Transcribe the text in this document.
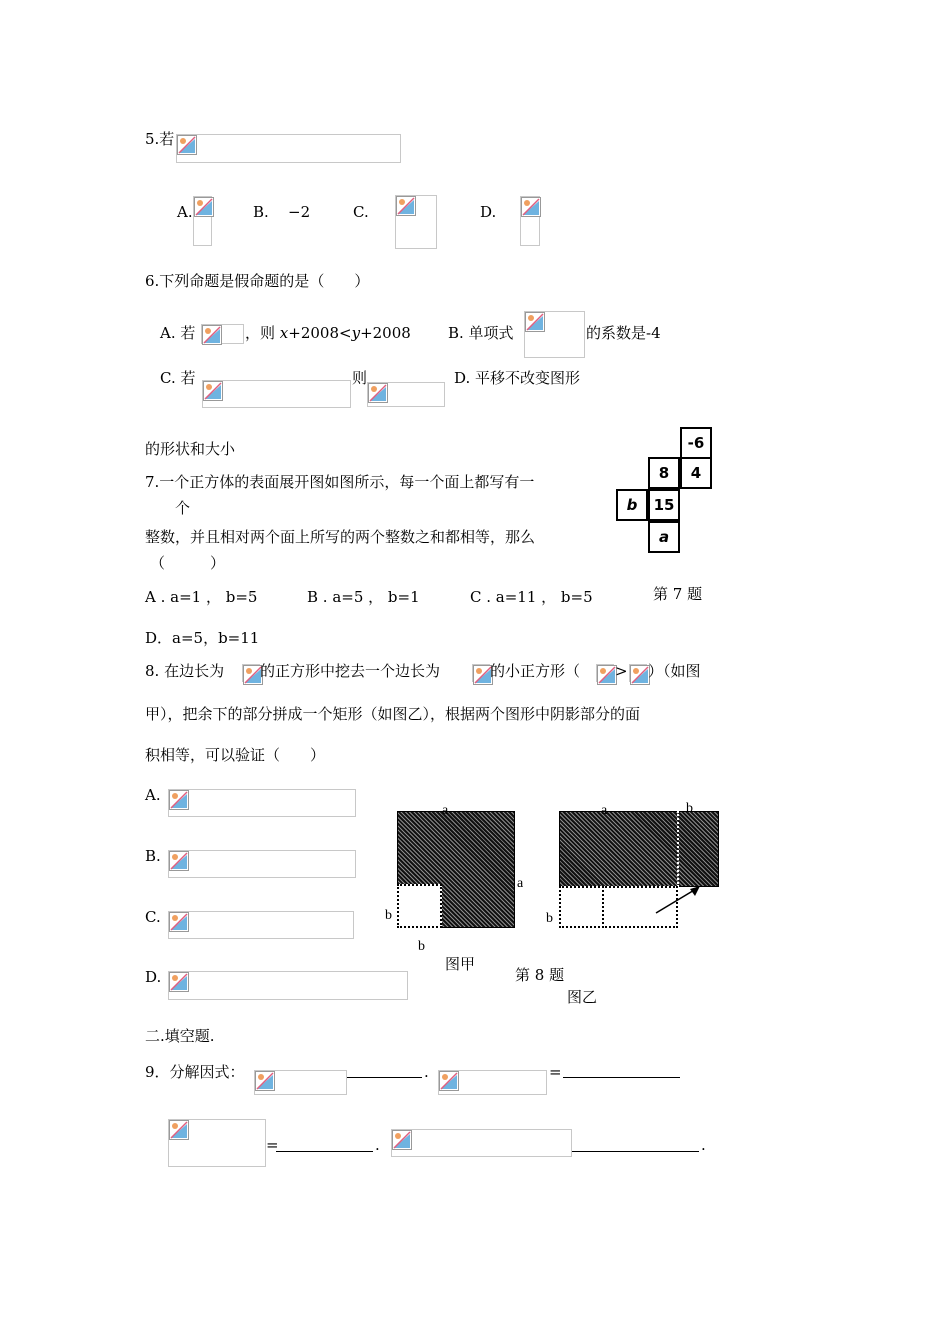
5.若
A.	B. −2	C.	D.
6.下列命题是假命题的是（　　）
A. 若	，则 x+2008<y+2008 B. 单项式	的系数是-4
C. 若	则	D. 平移不改变图形
的形状和大小
7.一个正方体的表面展开图如图所示，每一个面上都写有一
个
整数，并且相对两个面上所写的两个整数之和都相等，那么
（　　　）
-6
8	4
b	15
a
A . a=1 ， b=5	B . a=5 ， b=1	C . a=11 ， b=5	第 7 题
D．a=5，b=11
8. 在边长为 的正方形中挖去一个边长为	的小正方形（ > ）（如图
甲），把余下的部分拼成一个矩形（如图乙），根据两个图形中阴影部分的面
积相等，可以验证（　　）
A.
B.
C.
D.
a
a
b
b
图甲
a	b
b
图乙
第 8 题
二.填空题.
9．分解因式：	.	=
=	.	.
